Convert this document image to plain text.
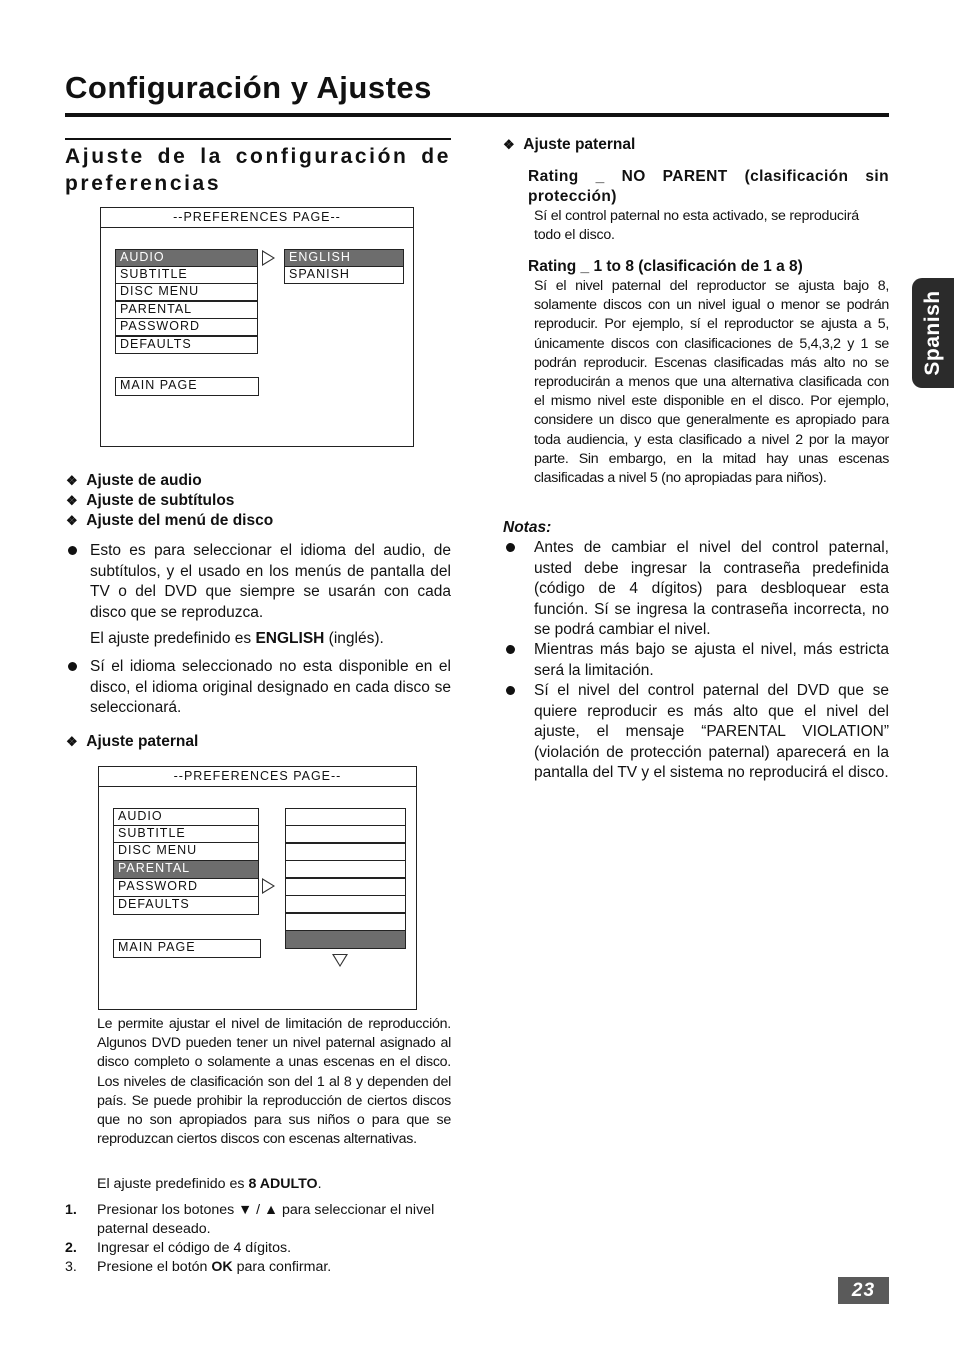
Configuración y Ajustes
Spanish
Ajuste de la configuración de preferencias
--PREFERENCES PAGE--
AUDIO
SUBTITLE
DISC MENU
PARENTAL
PASSWORD
DEFAULTS
MAIN PAGE
ENGLISH
SPANISH
❖ Ajuste de audio
❖ Ajuste de subtítulos
❖ Ajuste del menú de disco
Esto es para seleccionar el idioma del audio, de subtítulos, y el usado en los menús de pantalla del TV o del DVD que siempre se usarán con cada disco que se reproduzca.
El ajuste predefinido es ENGLISH (inglés).
Sí el idioma seleccionado no esta disponible en el disco, el idioma original designado en cada disco se seleccionará.
❖ Ajuste paternal
--PREFERENCES PAGE--
AUDIO
SUBTITLE
DISC MENU
PARENTAL
PASSWORD
DEFAULTS
MAIN PAGE
Le permite ajustar el nivel de limitación de reproducción. Algunos DVD pueden tener un nivel paternal asignado al disco completo o solamente a unas escenas en el disco. Los niveles de clasificación son del 1 al 8 y dependen del país. Se puede prohibir la reproducción de ciertos discos que no son apropiados para sus niños o para que se reproduzcan ciertos discos con escenas alternativas.
El ajuste predefinido es 8 ADULTO.
1. Presionar los botones ▼ / ▲ para seleccionar el nivel paternal deseado.
2. Ingresar el código de 4 dígitos.
3. Presione el botón OK para confirmar.
❖ Ajuste paternal
Rating _ NO PARENT (clasificación sin protección)
Sí el control paternal no esta activado, se reproducirá todo el disco.
Rating _ 1 to 8 (clasificación de 1 a 8)
Sí el nivel paternal del reproductor se ajusta bajo 8, solamente discos con un nivel igual o menor se podrán reproducir. Por ejemplo, sí el reproductor se ajusta a 5, únicamente discos con clasificaciones de 5,4,3,2 y 1 se podrán reproducir. Escenas clasificadas más alto no se reproducirán a menos que una alternativa clasificada con el mismo nivel este disponible en el disco. Por ejemplo, considere un disco que generalmente es apropiado para toda audiencia, y esta clasificado a nivel 2 por la mayor parte. Sin embargo, en la mitad hay unas escenas clasificadas a nivel 5 (no apropiadas para niños).
Notas:
Antes de cambiar el nivel del control paternal, usted debe ingresar la contraseña predefinida (código de 4 dígitos) para desbloquear esta función. Sí se ingresa la contraseña incorrecta, no se podrá cambiar el nivel.
Mientras más bajo se ajusta el nivel, más estricta será la limitación.
Sí el nivel del control paternal del DVD que se quiere reproducir es más alto que el nivel del ajuste, el mensaje “PARENTAL VIOLATION” (violación de protección paternal) aparecerá en la pantalla del TV y el sistema no reproducirá el disco.
23
